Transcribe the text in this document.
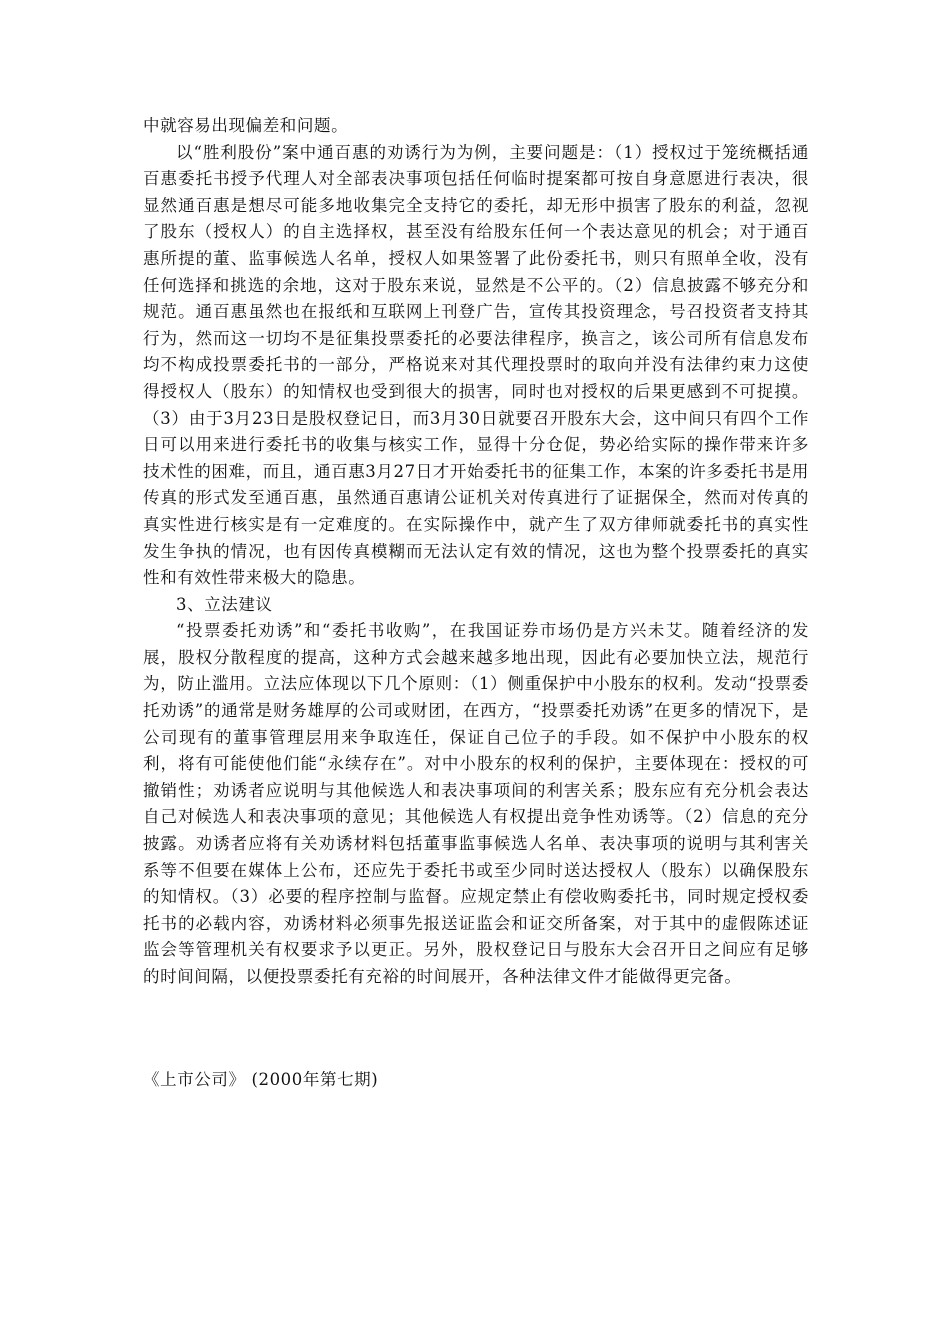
中就容易出现偏差和问题。

以“胜利股份”案中通百惠的劝诱行为为例，主要问题是：（1）授权过于笼统概括通百惠委托书授予代理人对全部表决事项包括任何临时提案都可按自身意愿进行表决，很显然通百惠是想尽可能多地收集完全支持它的委托，却无形中损害了股东的利益，忽视了股东（授权人）的自主选择权，甚至没有给股东任何一个表达意见的机会；对于通百惠所提的董、监事候选人名单，授权人如果签署了此份委托书，则只有照单全收，没有任何选择和挑选的余地，这对于股东来说，显然是不公平的。（2）信息披露不够充分和规范。通百惠虽然也在报纸和互联网上刊登广告，宣传其投资理念，号召投资者支持其行为，然而这一切均不是征集投票委托的必要法律程序，换言之，该公司所有信息发布均不构成投票委托书的一部分，严格说来对其代理投票时的取向并没有法律约束力这使得授权人（股东）的知情权也受到很大的损害，同时也对授权的后果更感到不可捉摸。（3）由于3月23日是股权登记日，而3月30日就要召开股东大会，这中间只有四个工作日可以用来进行委托书的收集与核实工作，显得十分仓促，势必给实际的操作带来许多技术性的困难，而且，通百惠3月27日才开始委托书的征集工作，本案的许多委托书是用传真的形式发至通百惠，虽然通百惠请公证机关对传真进行了证据保全，然而对传真的真实性进行核实是有一定难度的。在实际操作中，就产生了双方律师就委托书的真实性发生争执的情况，也有因传真模糊而无法认定有效的情况，这也为整个投票委托的真实性和有效性带来极大的隐患。

3、立法建议

“投票委托劝诱”和“委托书收购”，在我国证券市场仍是方兴未艾。随着经济的发展，股权分散程度的提高，这种方式会越来越多地出现，因此有必要加快立法，规范行为，防止滥用。立法应体现以下几个原则：（1）侧重保护中小股东的权利。发动“投票委托劝诱”的通常是财务雄厚的公司或财团，在西方，“投票委托劝诱”在更多的情况下，是公司现有的董事管理层用来争取连任，保证自己位子的手段。如不保护中小股东的权利，将有可能使他们能“永续存在”。对中小股东的权利的保护，主要体现在：授权的可撤销性；劝诱者应说明与其他候选人和表决事项间的利害关系；股东应有充分机会表达自己对候选人和表决事项的意见；其他候选人有权提出竞争性劝诱等。（2）信息的充分披露。劝诱者应将有关劝诱材料包括董事监事候选人名单、表决事项的说明与其利害关系等不但要在媒体上公布，还应先于委托书或至少同时送达授权人（股东）以确保股东的知情权。（3）必要的程序控制与监督。应规定禁止有偿收购委托书，同时规定授权委托书的必载内容，劝诱材料必须事先报送证监会和证交所备案，对于其中的虚假陈述证监会等管理机关有权要求予以更正。另外，股权登记日与股东大会召开日之间应有足够的时间间隔，以便投票委托有充裕的时间展开，各种法律文件才能做得更完备。

《上市公司》 (2000年第七期)
